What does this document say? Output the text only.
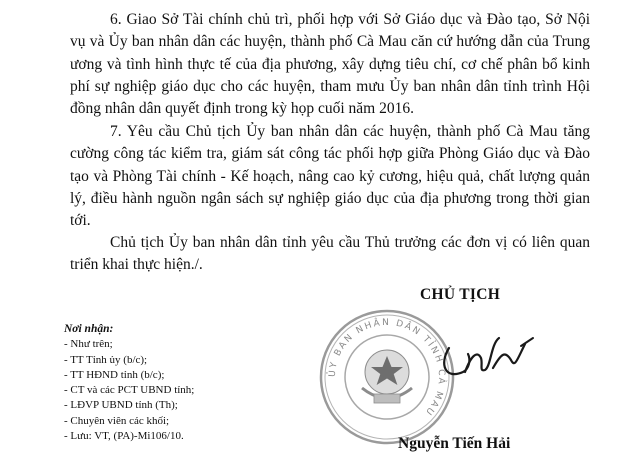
6. Giao Sở Tài chính chủ trì, phối hợp với Sở Giáo dục và Đào tạo, Sở Nội vụ và Ủy ban nhân dân các huyện, thành phố Cà Mau căn cứ hướng dẫn của Trung ương và tình hình thực tế của địa phương, xây dựng tiêu chí, cơ chế phân bổ kinh phí sự nghiệp giáo dục cho các huyện, tham mưu Ủy ban nhân dân tỉnh trình Hội đồng nhân dân quyết định trong kỳ họp cuối năm 2016.

7. Yêu cầu Chủ tịch Ủy ban nhân dân các huyện, thành phố Cà Mau tăng cường công tác kiểm tra, giám sát công tác phối hợp giữa Phòng Giáo dục và Đào tạo và Phòng Tài chính - Kế hoạch, nâng cao kỷ cương, hiệu quả, chất lượng quản lý, điều hành nguồn ngân sách sự nghiệp giáo dục của địa phương trong thời gian tới.

Chủ tịch Ủy ban nhân dân tỉnh yêu cầu Thủ trưởng các đơn vị có liên quan triển khai thực hiện./.

CHỦ TỊCH
Nơi nhận:
- Như trên;
- TT Tỉnh ủy (b/c);
- TT HĐND tỉnh (b/c);
- CT và các PCT UBND tỉnh;
- LĐVP UBND tỉnh (Th);
- Chuyên viên các khối;
- Lưu: VT, (PA)-Mi106/10.
ỦY BAN NHÂN DÂN TỈNH CÀ MAU
Nguyễn Tiến Hải
